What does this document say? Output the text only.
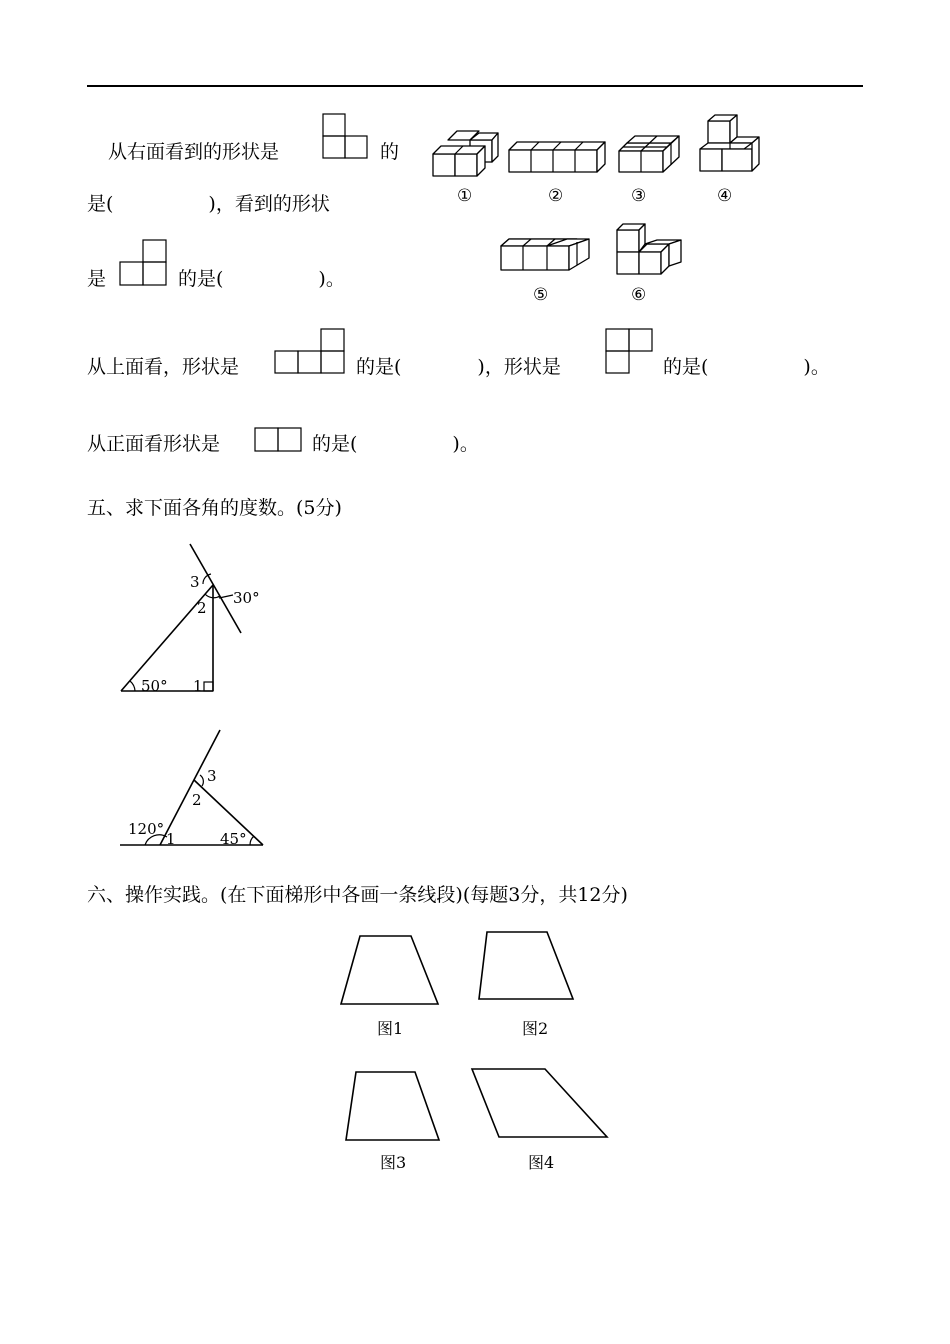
从右面看到的形状是	的
是(　　　　　)，看到的形状
是	的是(　　　　　)。
从上面看，形状是	的是(　　　　)，形状是	的是(　　　　　)。
从正面看形状是	的是(　　　　　)。
①	②	③	④
⑤	⑥
五、求下面各角的度数。(5分)
3
2
30°
50° 1
3
2
120°
1	45°
六、操作实践。(在下面梯形中各画一条线段)(每题3分，共12分)
图1	图2
图3	图4
